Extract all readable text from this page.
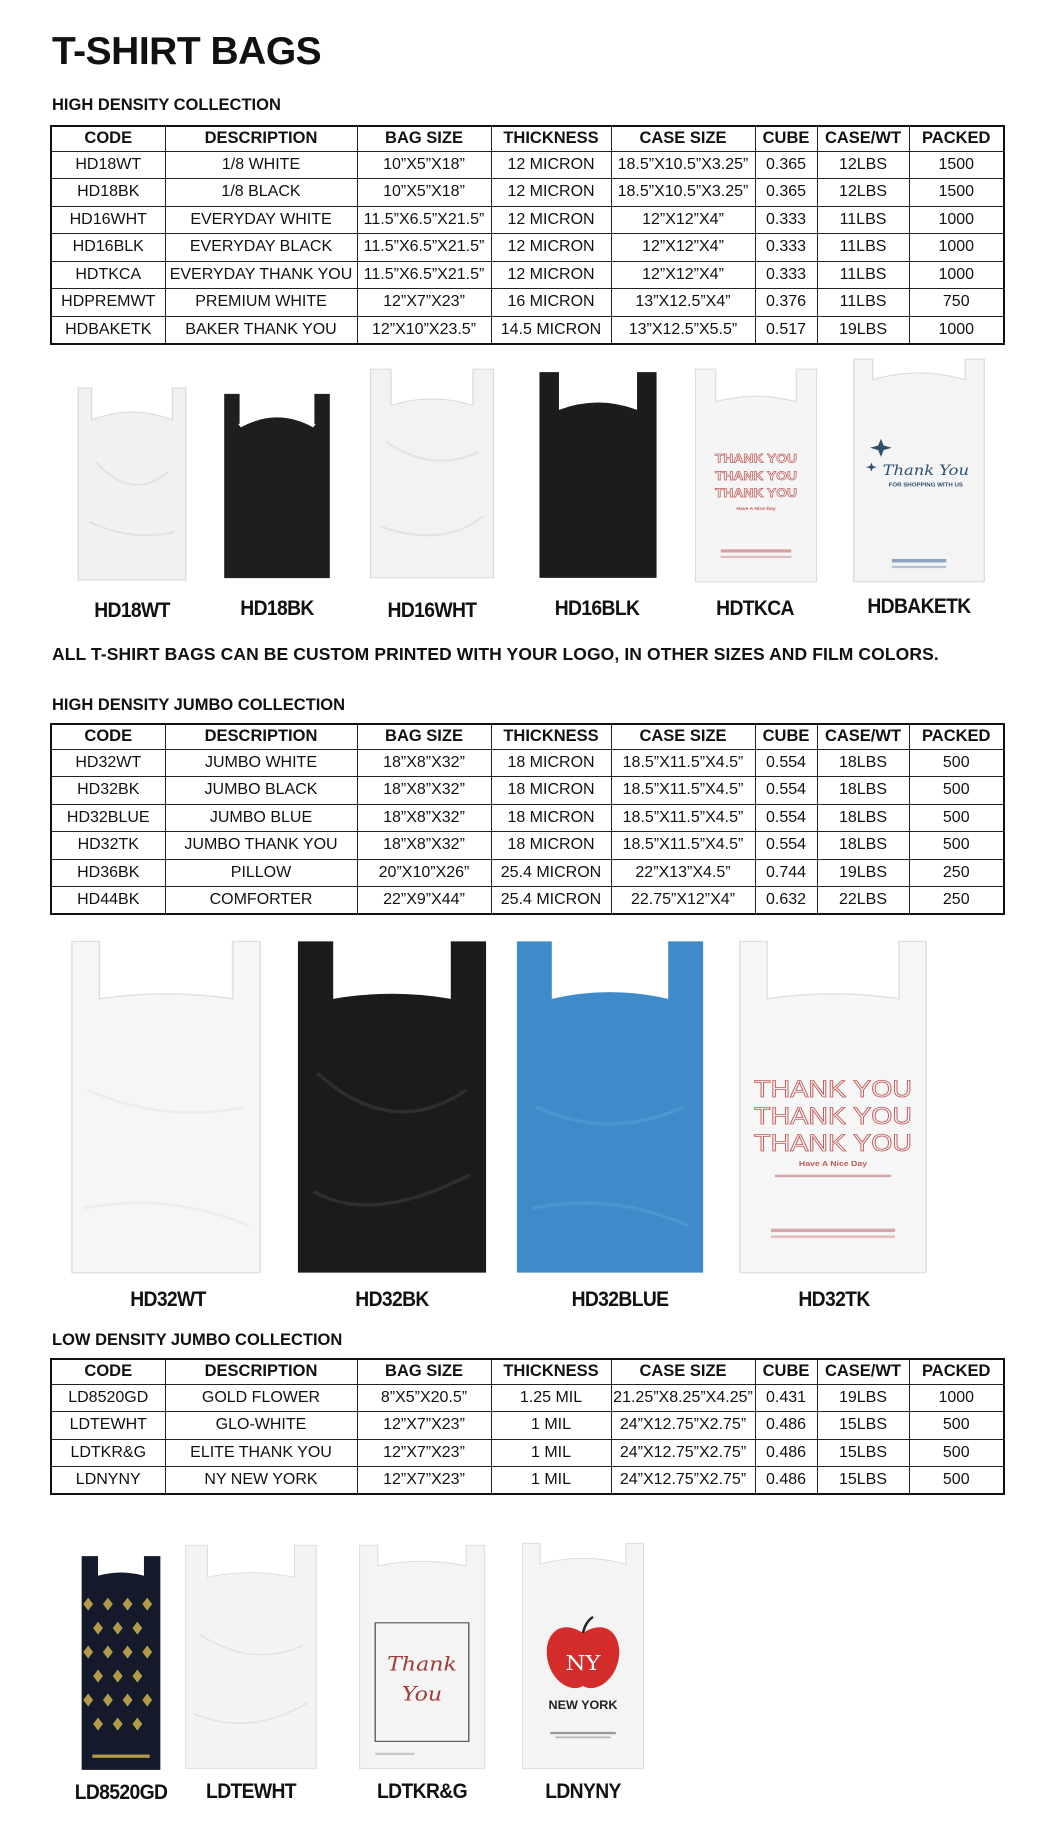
T-SHIRT BAGS
HIGH DENSITY COLLECTION
CODE	DESCRIPTION	BAG SIZE	THICKNESS	CASE SIZE	CUBE	CASE/WT	PACKED
HD18WT	1/8 WHITE	10”X5”X18”	12 MICRON	18.5”X10.5”X3.25”	0.365	12LBS	1500
HD18BK	1/8 BLACK	10”X5”X18”	12 MICRON	18.5”X10.5”X3.25”	0.365	12LBS	1500
HD16WHT	EVERYDAY WHITE	11.5”X6.5”X21.5”	12 MICRON	12”X12”X4”	0.333	11LBS	1000
HD16BLK	EVERYDAY BLACK	11.5”X6.5”X21.5”	12 MICRON	12”X12”X4”	0.333	11LBS	1000
HDTKCA	EVERYDAY THANK YOU	11.5”X6.5”X21.5”	12 MICRON	12”X12”X4”	0.333	11LBS	1000
HDPREMWT	PREMIUM WHITE	12”X7”X23”	16 MICRON	13”X12.5”X4”	0.376	11LBS	750
HDBAKETK	BAKER THANK YOU	12”X10”X23.5”	14.5 MICRON	13”X12.5”X5.5”	0.517	19LBS	1000
THANK YOU
THANK YOU
THANK YOU
Have A Nice Day
Thank You
FOR SHOPPING WITH US
HD18WT	HD18BK	HD16WHT	HD16BLK	HDTKCA	HDBAKETK
ALL T-SHIRT BAGS CAN BE CUSTOM PRINTED WITH YOUR LOGO, IN OTHER SIZES AND FILM COLORS.
HIGH DENSITY JUMBO COLLECTION
CODE	DESCRIPTION	BAG SIZE	THICKNESS	CASE SIZE	CUBE	CASE/WT	PACKED
HD32WT	JUMBO WHITE	18”X8”X32”	18 MICRON	18.5”X11.5”X4.5”	0.554	18LBS	500
HD32BK	JUMBO BLACK	18”X8”X32”	18 MICRON	18.5”X11.5”X4.5”	0.554	18LBS	500
HD32BLUE	JUMBO BLUE	18”X8”X32”	18 MICRON	18.5”X11.5”X4.5”	0.554	18LBS	500
HD32TK	JUMBO THANK YOU	18”X8”X32”	18 MICRON	18.5”X11.5”X4.5”	0.554	18LBS	500
HD36BK	PILLOW	20”X10”X26”	25.4 MICRON	22”X13”X4.5”	0.744	19LBS	250
HD44BK	COMFORTER	22”X9”X44”	25.4 MICRON	22.75”X12”X4”	0.632	22LBS	250
THANK YOU
THANK YOU
THANK YOU
Have A Nice Day
HD32WT	HD32BK	HD32BLUE	HD32TK
LOW DENSITY JUMBO COLLECTION
CODE	DESCRIPTION	BAG SIZE	THICKNESS	CASE SIZE	CUBE	CASE/WT	PACKED
LD8520GD	GOLD FLOWER	8”X5”X20.5”	1.25 MIL	21.25”X8.25”X4.25”	0.431	19LBS	1000
LDTEWHT	GLO-WHITE	12”X7”X23”	1 MIL	24”X12.75”X2.75”	0.486	15LBS	500
LDTKR&G	ELITE THANK YOU	12”X7”X23”	1 MIL	24”X12.75”X2.75”	0.486	15LBS	500
LDNYNY	NY NEW YORK	12”X7”X23”	1 MIL	24”X12.75”X2.75”	0.486	15LBS	500
Thank
You
NY
NEW YORK
LD8520GD	LDTEWHT	LDTKR&G	LDNYNY
